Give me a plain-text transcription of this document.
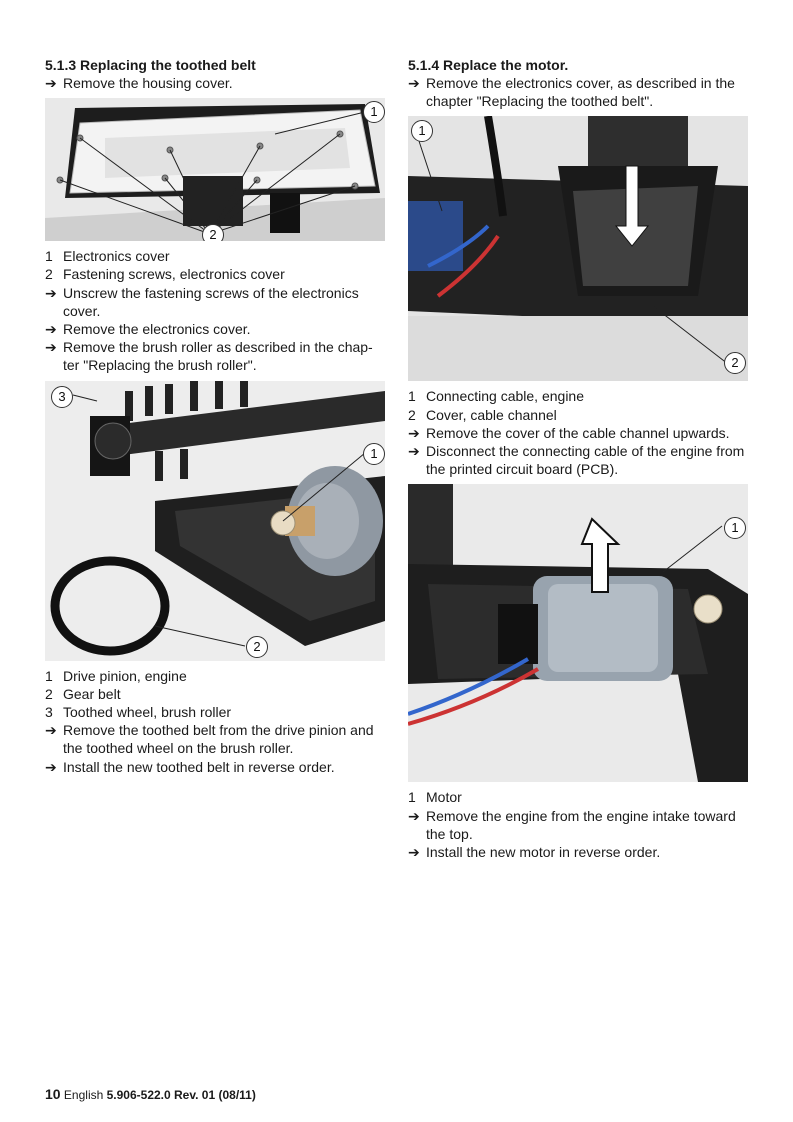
5.1.3 Replacing the toothed belt
➔ Remove the housing cover.
1
2
1 Electronics cover
2 Fastening screws, electronics cover
➔ Unscrew the fastening screws of the electronics cover.
➔ Remove the electronics cover.
➔ Remove the brush roller as described in the chap-ter "Replacing the brush roller".
3
1
2
1 Drive pinion, engine
2 Gear belt
3 Toothed wheel, brush roller
➔ Remove the toothed belt from the drive pinion and the toothed wheel on the brush roller.
➔ Install the new toothed belt in reverse order.
5.1.4 Replace the motor.
➔ Remove the electronics cover, as described in the chapter "Replacing the toothed belt".
1
2
1 Connecting cable, engine
2 Cover, cable channel
➔ Remove the cover of the cable channel upwards.
➔ Disconnect the connecting cable of the engine from the printed circuit board (PCB).
1
1 Motor
➔ Remove the engine from the engine intake toward the top.
➔ Install the new motor in reverse order.
10 English 5.906-522.0 Rev. 01 (08/11)
